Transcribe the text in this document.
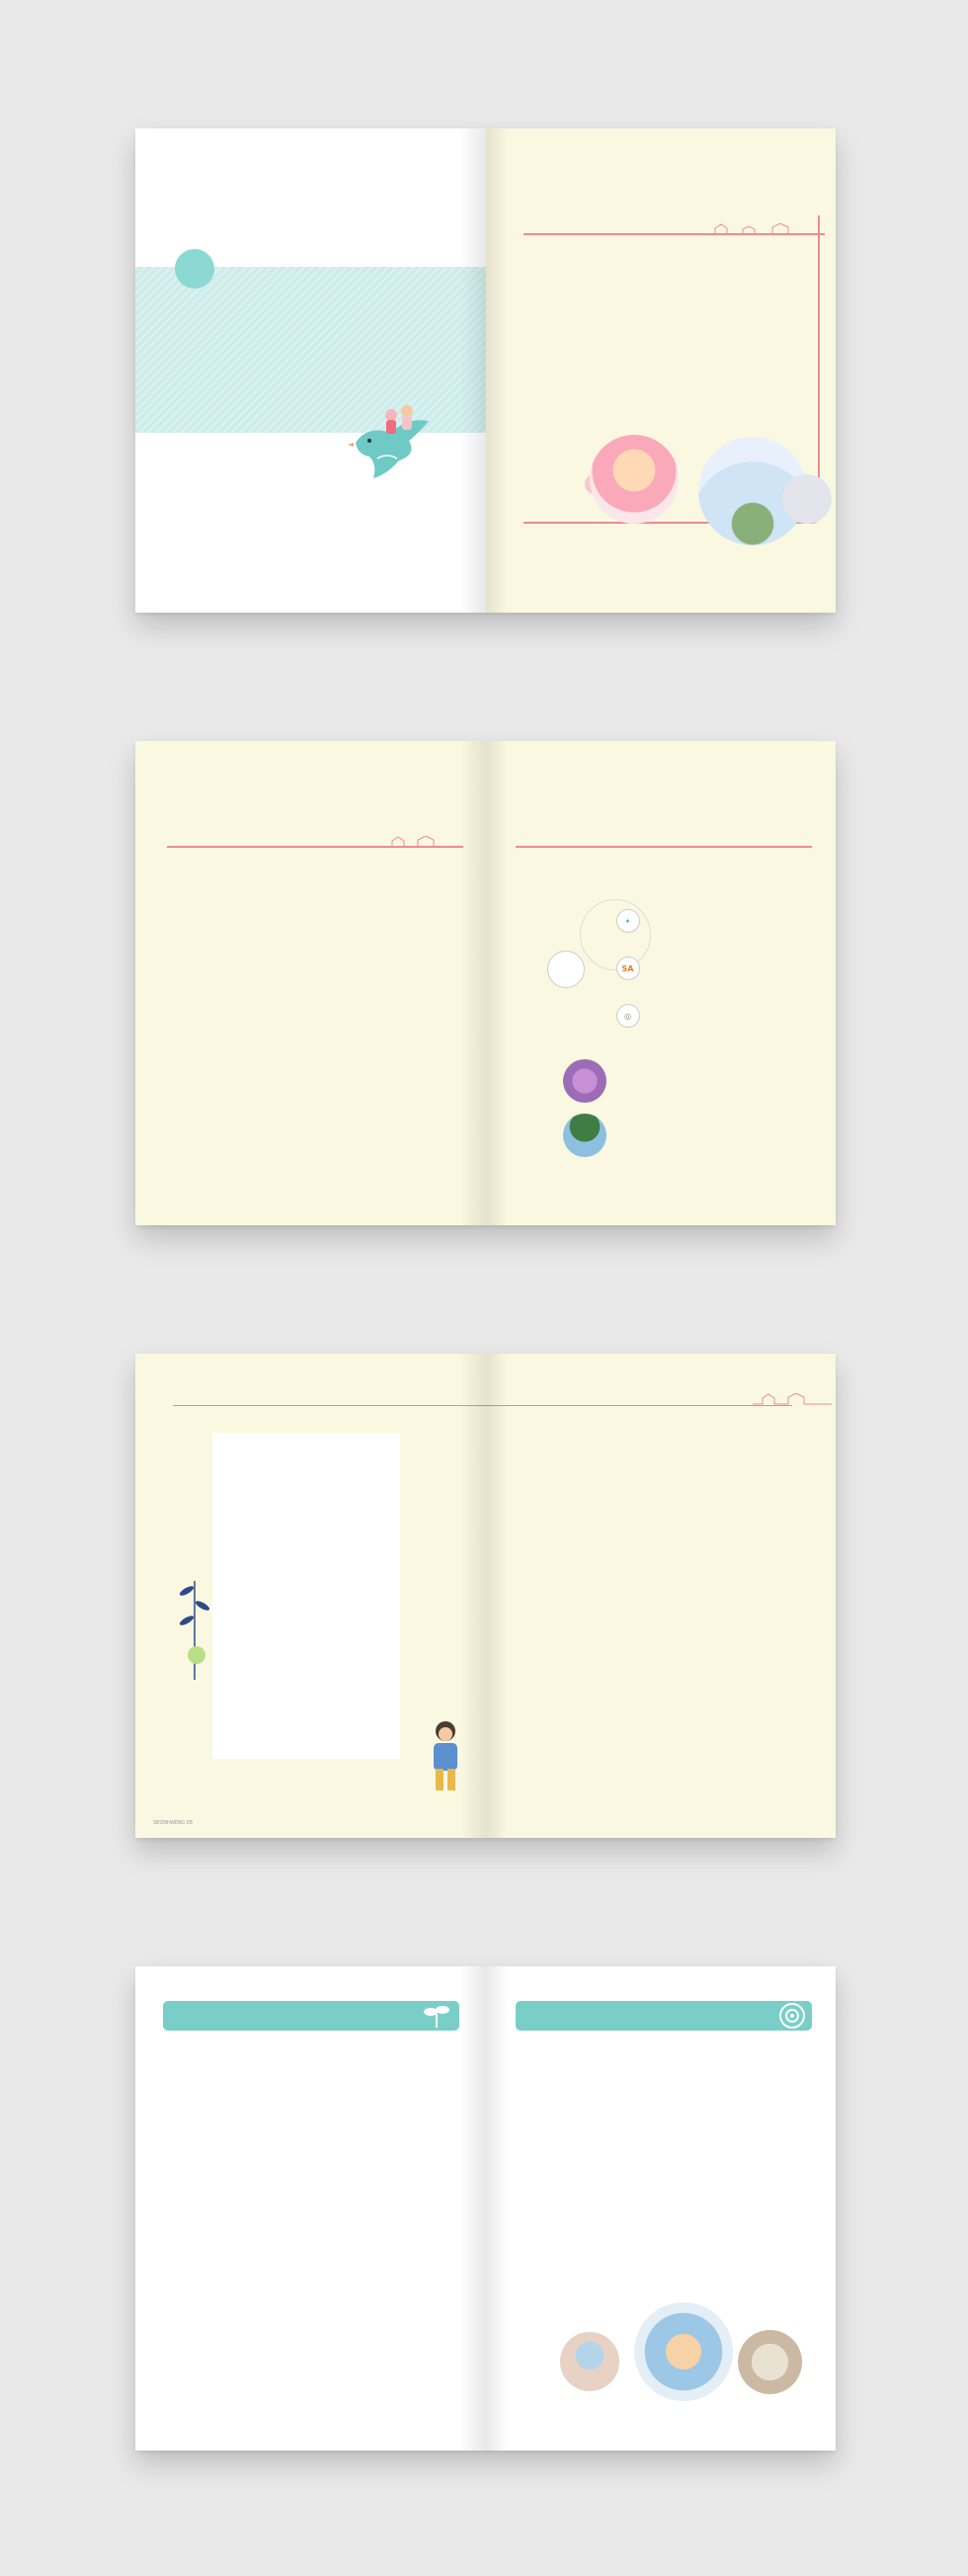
✦
SA
◎

SEONHAENG 08
